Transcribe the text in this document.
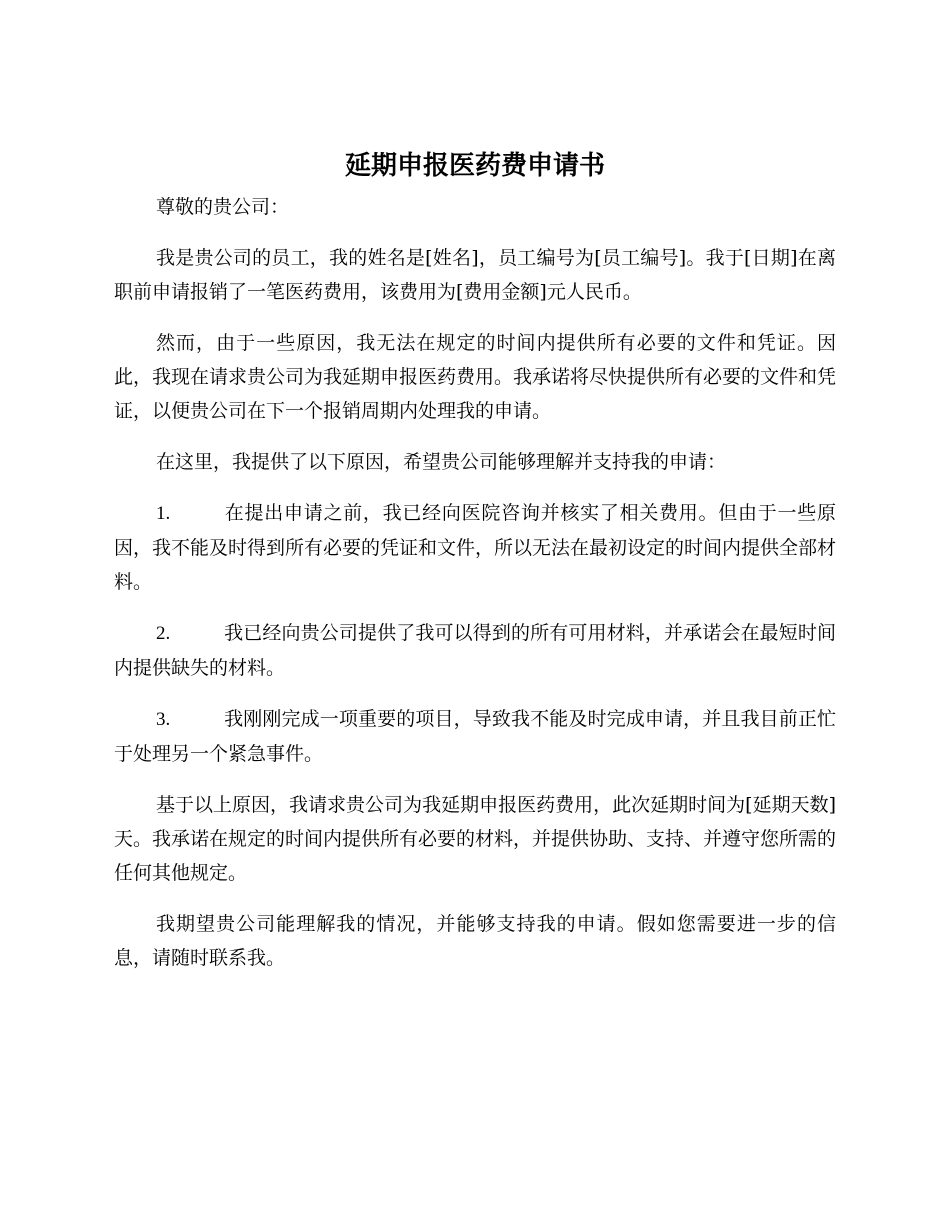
延期申报医药费申请书

尊敬的贵公司：

我是贵公司的员工，我的姓名是[姓名]，员工编号为[员工编号]。我于[日期]在离职前申请报销了一笔医药费用，该费用为[费用金额]元人民币。

然而，由于一些原因，我无法在规定的时间内提供所有必要的文件和凭证。因此，我现在请求贵公司为我延期申报医药费用。我承诺将尽快提供所有必要的文件和凭证，以便贵公司在下一个报销周期内处理我的申请。

在这里，我提供了以下原因，希望贵公司能够理解并支持我的申请：

1.	在提出申请之前，我已经向医院咨询并核实了相关费用。但由于一些原因，我不能及时得到所有必要的凭证和文件，所以无法在最初设定的时间内提供全部材料。

2.	我已经向贵公司提供了我可以得到的所有可用材料，并承诺会在最短时间内提供缺失的材料。

3.	我刚刚完成一项重要的项目，导致我不能及时完成申请，并且我目前正忙于处理另一个紧急事件。

基于以上原因，我请求贵公司为我延期申报医药费用，此次延期时间为[延期天数]天。我承诺在规定的时间内提供所有必要的材料，并提供协助、支持、并遵守您所需的任何其他规定。

我期望贵公司能理解我的情况，并能够支持我的申请。假如您需要进一步的信息，请随时联系我。
